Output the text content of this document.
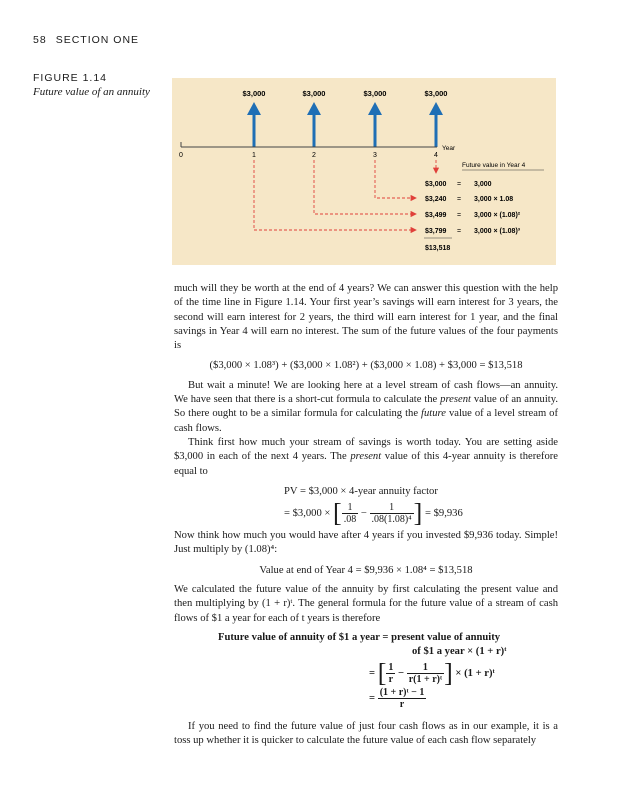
58 SECTION ONE
FIGURE 1.14
Future value of an annuity	$3,000	$3,000	$3,000	$3,000
Year
0	1	2	3	4
Future value in Year 4
$3,000 = 3,000
$3,240 = 3,000 × 1.08
$3,499 = 3,000 × (1.08)²
$3,799 = 3,000 × (1.08)³
$13,518

much will they be worth at the end of 4 years? We can answer this question with the help of the time line in Figure 1.14. Your first year’s savings will earn interest for 3 years, the second will earn interest for 2 years, the third will earn interest for 1 year, and the final savings in Year 4 will earn no interest. The sum of the future values of the four payments is

($3,000 × 1.08³) + ($3,000 × 1.08²) + ($3,000 × 1.08) + $3,000 = $13,518

But wait a minute! We are looking here at a level stream of cash flows—an annuity. We have seen that there is a short-cut formula to calculate the present value of an annuity. So there ought to be a similar formula for calculating the future value of a level stream of cash flows.

Think first how much your stream of savings is worth today. You are setting aside $3,000 in each of the next 4 years. The present value of this 4-year annuity is therefore equal to

PV = $3,000 × 4-year annuity factor
= $3,000 × [ $\frac{1}{.08} - \frac{1}{\text{.08(1.08)⁴}}$ ] = $9,936

Now think how much you would have after 4 years if you invested $9,936 today. Simple! Just multiply by (1.08)⁴:

Value at end of Year 4 = $9,936 × 1.08⁴ = $13,518

We calculated the future value of the annuity by first calculating the present value and then multiplying by (1 + r)ᵗ. The general formula for the future value of a stream of cash flows of $1 a year for each of t years is therefore

Future value of annuity of $1 a year = present value of annuity
of $1 a year × (1 + r)ᵗ
= [ $\frac{1}{r} - \frac{1}{\text{r(1 + r)ᵗ}}$ ] × (1 + r)ᵗ
= $\frac{\text{(1 + r)ᵗ − 1}}{r}$

If you need to find the future value of just four cash flows as in our example, it is a toss up whether it is quicker to calculate the future value of each cash flow separately
